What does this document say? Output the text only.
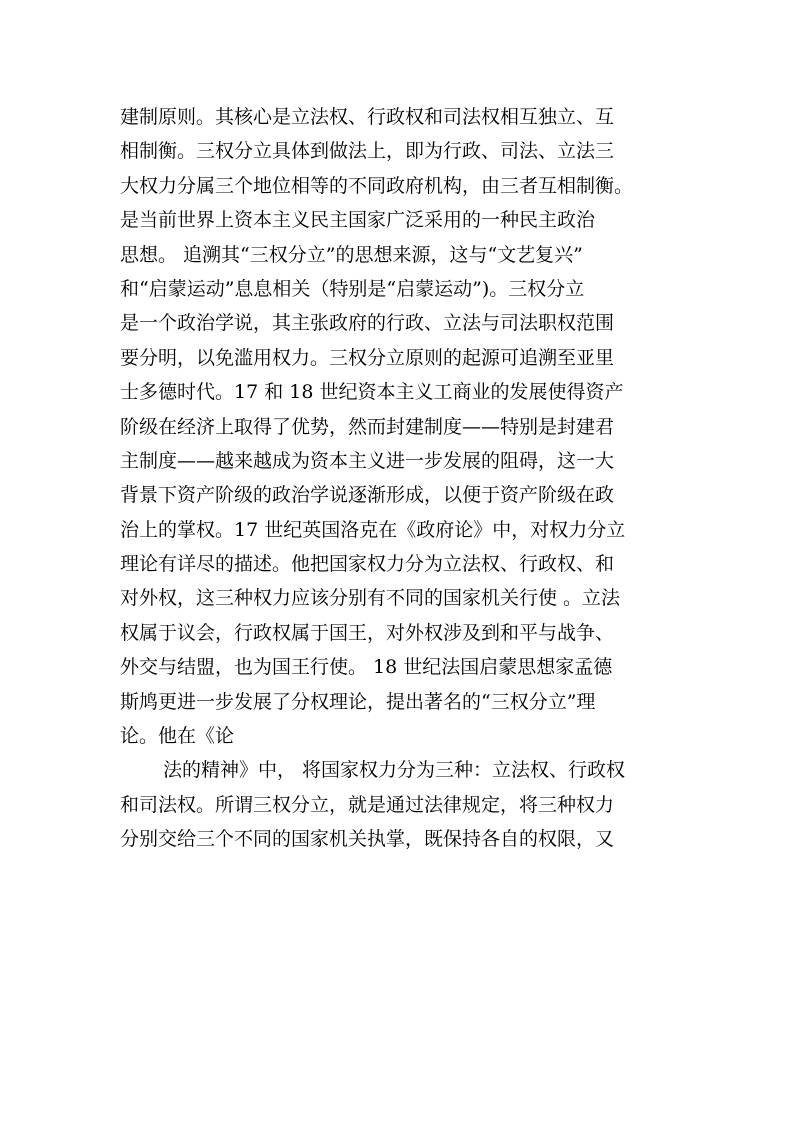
建制原则。其核心是立法权、行政权和司法权相互独立、互
相制衡。三权分立具体到做法上，即为行政、司法、立法三
大权力分属三个地位相等的不同政府机构，由三者互相制衡。
是当前世界上资本主义民主国家广泛采用的一种民主政治
思想。 追溯其“三权分立”的思想来源，这与“文艺复兴”
和“启蒙运动”息息相关（特别是“启蒙运动”)。三权分立
是一个政治学说，其主张政府的行政、立法与司法职权范围
要分明，以免滥用权力。三权分立原则的起源可追溯至亚里
士多德时代。17 和 18 世纪资本主义工商业的发展使得资产
阶级在经济上取得了优势，然而封建制度——特别是封建君
主制度——越来越成为资本主义进一步发展的阻碍，这一大
背景下资产阶级的政治学说逐渐形成，以便于资产阶级在政
治上的掌权。17 世纪英国洛克在《政府论》中，对权力分立
理论有详尽的描述。他把国家权力分为立法权、行政权、和
对外权，这三种权力应该分别有不同的国家机关行使 。立法
权属于议会，行政权属于国王，对外权涉及到和平与战争、
外交与结盟，也为国王行使。 18 世纪法国启蒙思想家孟德
斯鸠更进一步发展了分权理论，提出著名的“三权分立”理
论。他在《论
法的精神》中， 将国家权力分为三种：立法权、行政权
和司法权。所谓三权分立，就是通过法律规定，将三种权力
分别交给三个不同的国家机关执掌，既保持各自的权限，又
